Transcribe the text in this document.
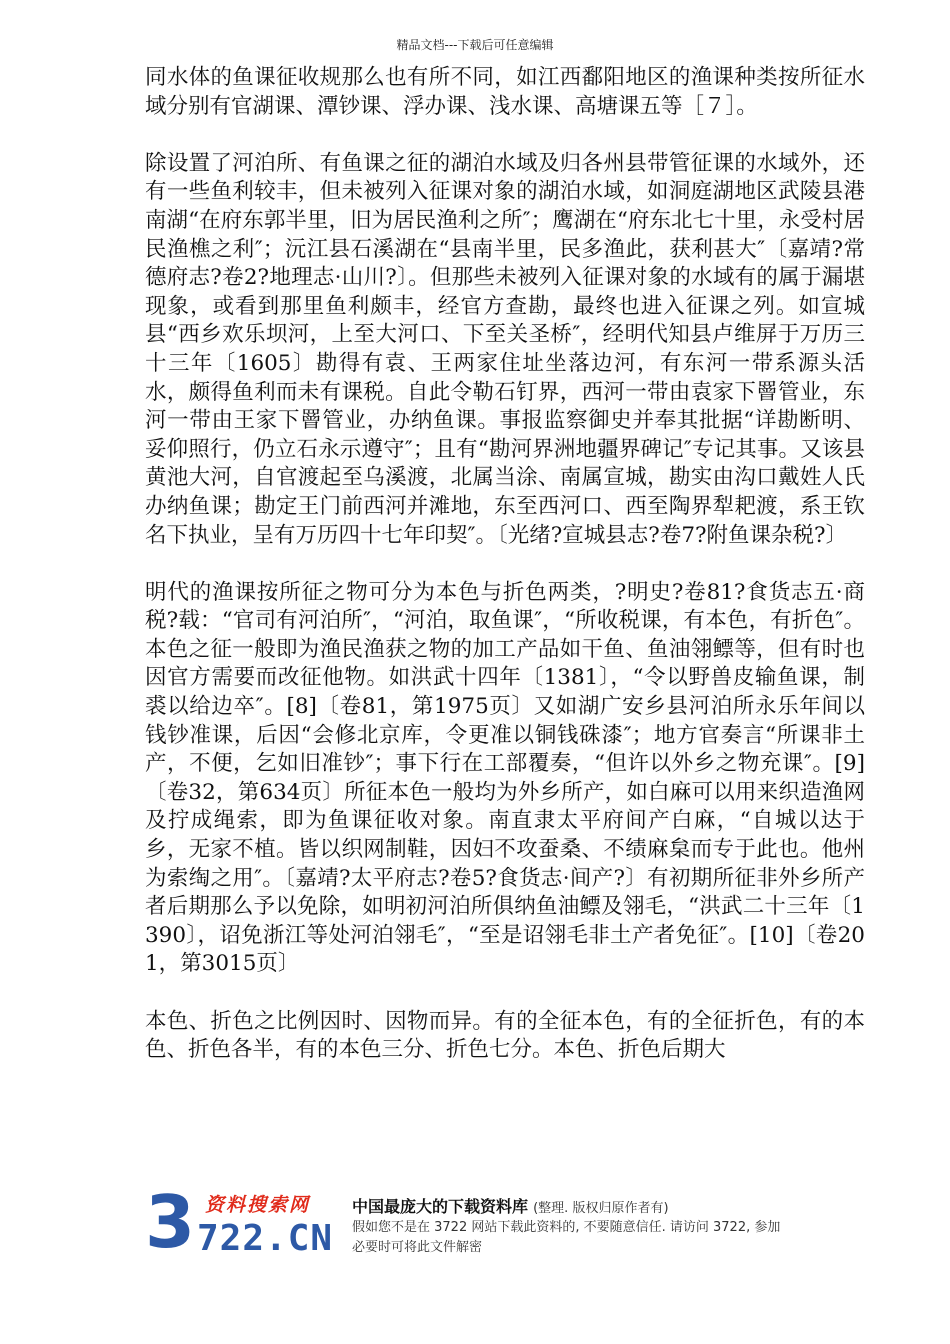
精品文档---下载后可任意编辑

同水体的鱼课征收规那么也有所不同，如江西鄱阳地区的渔课种类按所征水域分别有官湖课、潭钞课、浮办课、浅水课、高塘课五等［７］。

除设置了河泊所、有鱼课之征的湖泊水域及归各州县带管征课的水域外，还有一些鱼利较丰，但未被列入征课对象的湖泊水域，如洞庭湖地区武陵县港南湖“在府东郭半里，旧为居民渔利之所″；鹰湖在“府东北七十里，永受村居民渔樵之利″；沅江县石溪湖在“县南半里，民多渔此，获利甚大″〔嘉靖?常德府志?卷2?地理志·山川?〕。但那些未被列入征课对象的水域有的属于漏堪现象，或看到那里鱼利颇丰，经官方查勘，最终也进入征课之列。如宣城县“西乡欢乐坝河，上至大河口、下至关圣桥″，经明代知县卢维屏于万历三十三年〔1605〕勘得有袁、王两家住址坐落边河，有东河一带系源头活水，颇得鱼利而未有课税。自此令勒石钉界，西河一带由袁家下罾管业，东河一带由王家下罾管业，办纳鱼课。事报监察御史并奉其批据“详勘断明、妥仰照行，仍立石永示遵守″；且有“勘河界洲地疆界碑记″专记其事。又该县黄池大河，自官渡起至乌溪渡，北属当涂、南属宣城，勘实由沟口戴姓人氏办纳鱼课；勘定王门前西河并滩地，东至西河口、西至陶界犁耙渡，系王钦名下执业，呈有万历四十七年印契″。〔光绪?宣城县志?卷7?附鱼课杂税?〕

明代的渔课按所征之物可分为本色与折色两类，?明史?卷81?食货志五·商税?载：“官司有河泊所″，“河泊，取鱼课″，“所收税课，有本色，有折色″。本色之征一般即为渔民渔获之物的加工产品如干鱼、鱼油翎鳔等，但有时也因官方需要而改征他物。如洪武十四年〔1381〕，“令以野兽皮输鱼课，制裘以给边卒″。[8]〔卷81，第1975页〕又如湖广安乡县河泊所永乐年间以钱钞准课，后因“会修北京库，令更准以铜钱硃漆″；地方官奏言“所课非土产，不便，乞如旧准钞″；事下行在工部覆奏，“但许以外乡之物充课″。[9]〔卷32，第634页〕所征本色一般均为外乡所产，如白麻可以用来织造渔网及拧成绳索，即为鱼课征收对象。南直隶太平府间产白麻，“自城以达于乡，无家不植。皆以织网制鞋，因妇不攻蚕桑、不绩麻枲而专于此也。他州为索绹之用″。〔嘉靖?太平府志?卷5?食货志·间产?〕有初期所征非外乡所产者后期那么予以免除，如明初河泊所俱纳鱼油鳔及翎毛，“洪武二十三年〔1390〕，诏免浙江等处河泊翎毛″，“至是诏翎毛非土产者免征″。[10]〔卷201，第3015页〕

本色、折色之比例因时、因物而异。有的全征本色，有的全征折色，有的本色、折色各半，有的本色三分、折色七分。本色、折色后期大

3 资料搜索网
722.CN
中国最庞大的下载资料库 (整理. 版权归原作者有)
假如您不是在 3722 网站下载此资料的, 不要随意信任. 请访问 3722, 参加
必要时可将此文件解密
